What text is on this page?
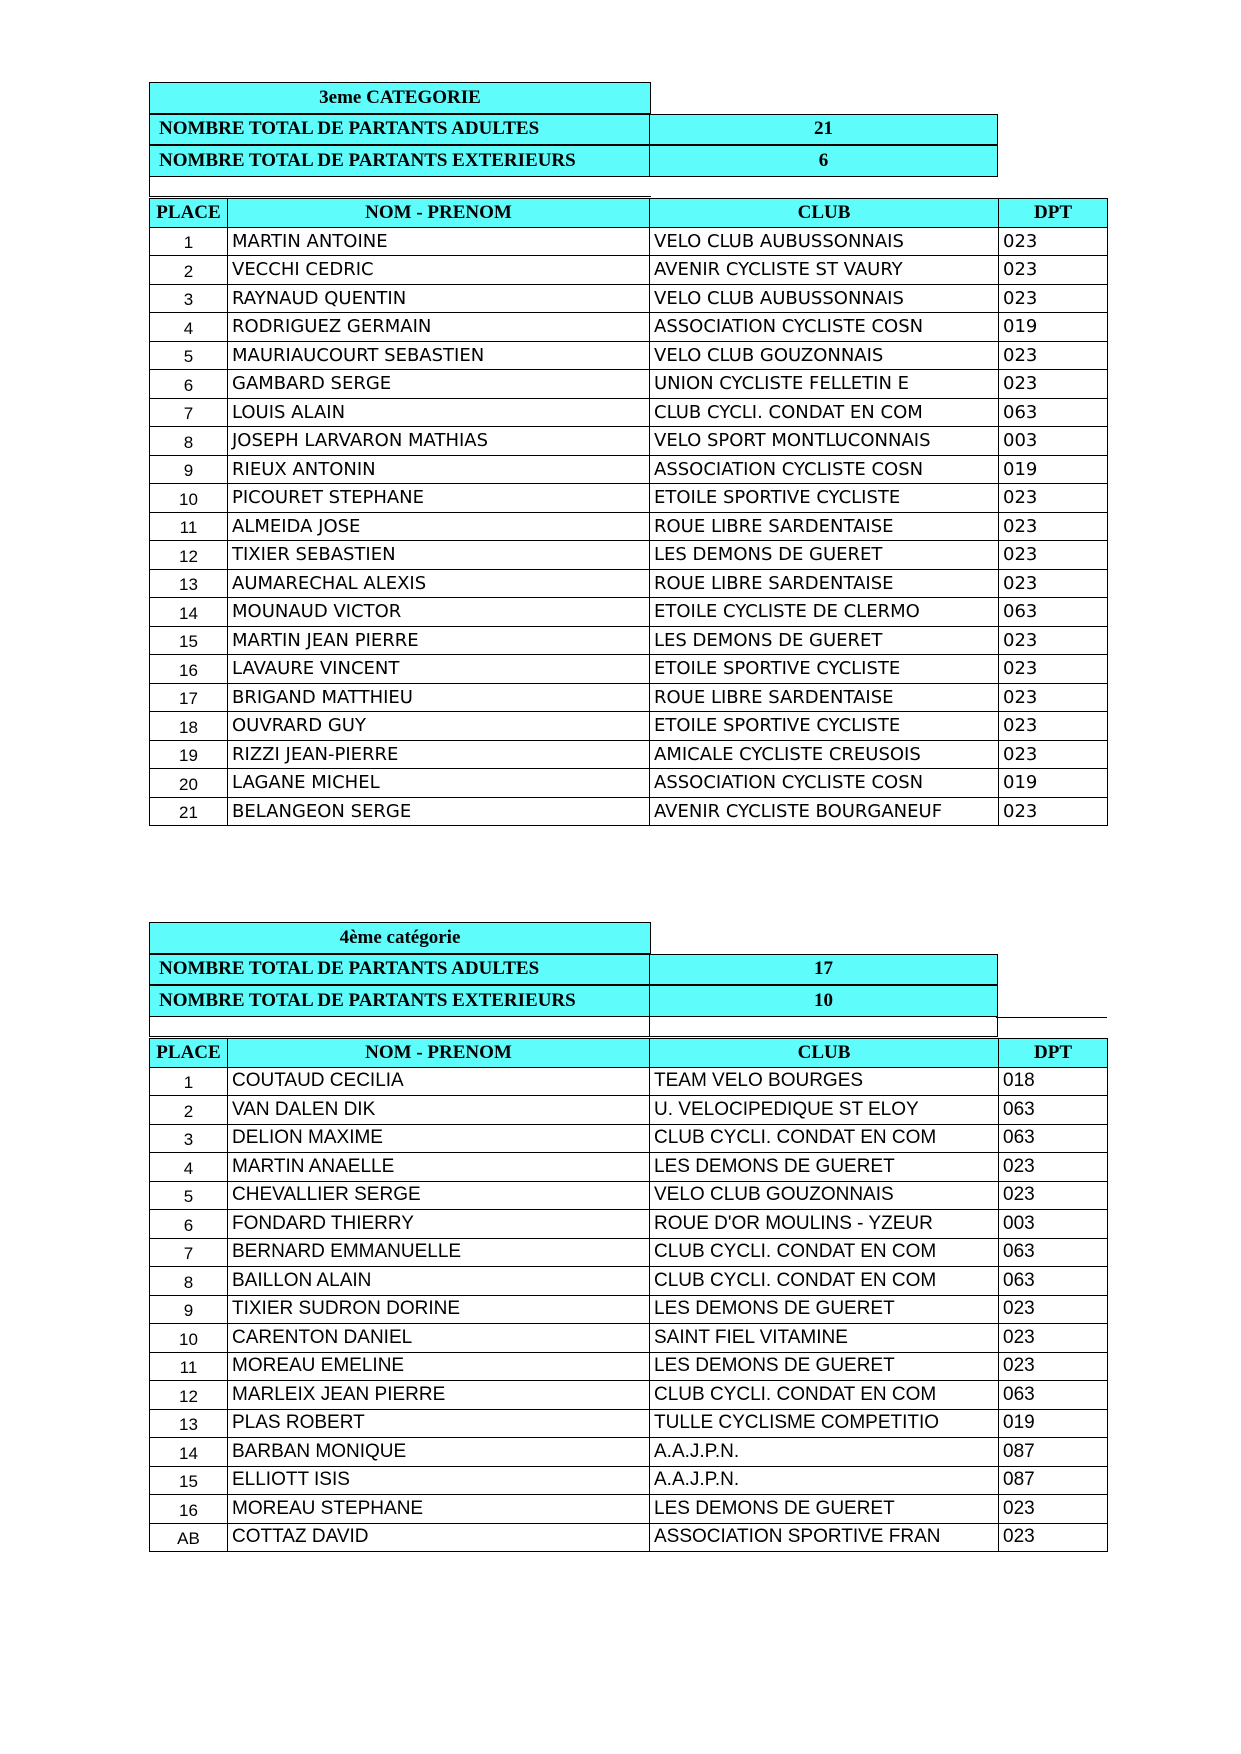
3eme CATEGORIE
NOMBRE TOTAL DE PARTANTS ADULTES	21
NOMBRE TOTAL DE PARTANTS EXTERIEURS	6
PLACE	NOM - PRENOM	CLUB	DPT
1	MARTIN ANTOINE	VELO CLUB AUBUSSONNAIS	023
2	VECCHI CEDRIC	AVENIR CYCLISTE ST VAURY	023
3	RAYNAUD QUENTIN	VELO CLUB AUBUSSONNAIS	023
4	RODRIGUEZ GERMAIN	ASSOCIATION CYCLISTE COSN	019
5	MAURIAUCOURT SEBASTIEN	VELO CLUB GOUZONNAIS	023
6	GAMBARD SERGE	UNION CYCLISTE FELLETIN E	023
7	LOUIS ALAIN	CLUB CYCLI. CONDAT EN COM	063
8	JOSEPH LARVARON MATHIAS	VELO SPORT MONTLUCONNAIS	003
9	RIEUX ANTONIN	ASSOCIATION CYCLISTE COSN	019
10	PICOURET STEPHANE	ETOILE SPORTIVE CYCLISTE	023
11	ALMEIDA JOSE	ROUE LIBRE SARDENTAISE	023
12	TIXIER SEBASTIEN	LES DEMONS DE GUERET	023
13	AUMARECHAL ALEXIS	ROUE LIBRE SARDENTAISE	023
14	MOUNAUD VICTOR	ETOILE CYCLISTE DE CLERMO	063
15	MARTIN JEAN PIERRE	LES DEMONS DE GUERET	023
16	LAVAURE VINCENT	ETOILE SPORTIVE CYCLISTE	023
17	BRIGAND MATTHIEU	ROUE LIBRE SARDENTAISE	023
18	OUVRARD GUY	ETOILE SPORTIVE CYCLISTE	023
19	RIZZI JEAN-PIERRE	AMICALE CYCLISTE CREUSOIS	023
20	LAGANE MICHEL	ASSOCIATION CYCLISTE COSN	019
21	BELANGEON SERGE	AVENIR CYCLISTE BOURGANEUF	023
4ème catégorie
NOMBRE TOTAL DE PARTANTS ADULTES	17
NOMBRE TOTAL DE PARTANTS EXTERIEURS	10
PLACE	NOM - PRENOM	CLUB	DPT
1	COUTAUD CECILIA	TEAM VELO BOURGES	018
2	VAN DALEN DIK	U. VELOCIPEDIQUE ST ELOY	063
3	DELION MAXIME	CLUB CYCLI. CONDAT EN COM	063
4	MARTIN ANAELLE	LES DEMONS DE GUERET	023
5	CHEVALLIER SERGE	VELO CLUB GOUZONNAIS	023
6	FONDARD THIERRY	ROUE D'OR MOULINS - YZEUR	003
7	BERNARD EMMANUELLE	CLUB CYCLI. CONDAT EN COM	063
8	BAILLON ALAIN	CLUB CYCLI. CONDAT EN COM	063
9	TIXIER SUDRON DORINE	LES DEMONS DE GUERET	023
10	CARENTON DANIEL	SAINT FIEL VITAMINE	023
11	MOREAU EMELINE	LES DEMONS DE GUERET	023
12	MARLEIX JEAN PIERRE	CLUB CYCLI. CONDAT EN COM	063
13	PLAS ROBERT	TULLE CYCLISME COMPETITIO	019
14	BARBAN MONIQUE	A.A.J.P.N.	087
15	ELLIOTT ISIS	A.A.J.P.N.	087
16	MOREAU STEPHANE	LES DEMONS DE GUERET	023
AB	COTTAZ DAVID	ASSOCIATION SPORTIVE FRAN	023
